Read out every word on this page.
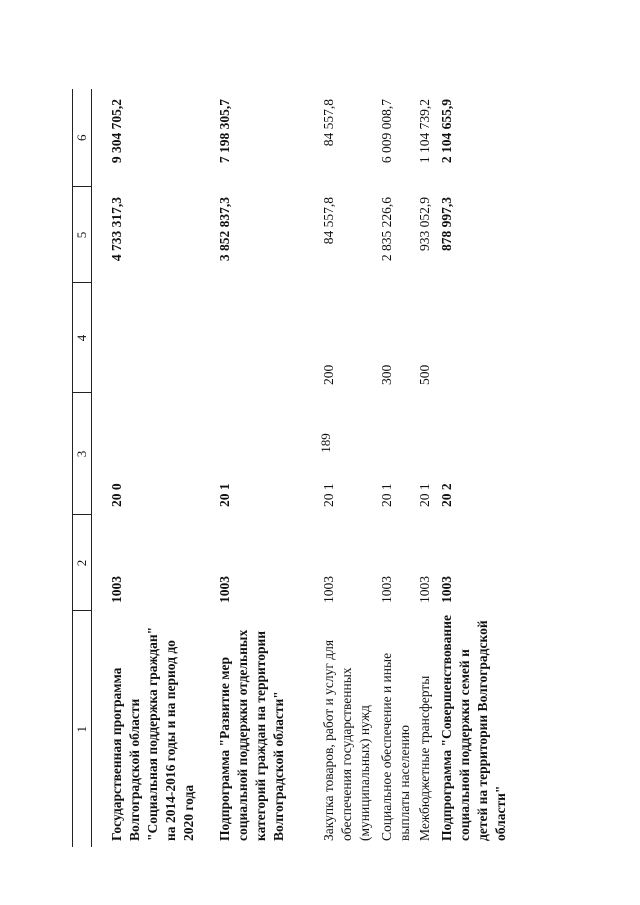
189
1	2	3	4	5	6
Государственная программа Волгоградской области "Социальная поддержка граждан" на 2014-2016 годы и на период до 2020 года	1003	20 0		4 733 317,3	9 304 705,2
Подпрограмма "Развитие мер социальной поддержки отдельных категорий граждан на территории Волгоградской области"	1003	20 1		3 852 837,3	7 198 305,7
Закупка товаров, работ и услуг для обеспечения государственных (муниципальных) нужд	1003	20 1	200	84 557,8	84 557,8
Социальное обеспечение и иные выплаты населению	1003	20 1	300	2 835 226,6	6 009 008,7
Межбюджетные трансферты	1003	20 1	500	933 052,9	1 104 739,2
Подпрограмма "Совершенствование социальной поддержки семей и детей на территории Волгоградской области"	1003	20 2		878 997,3	2 104 655,9
